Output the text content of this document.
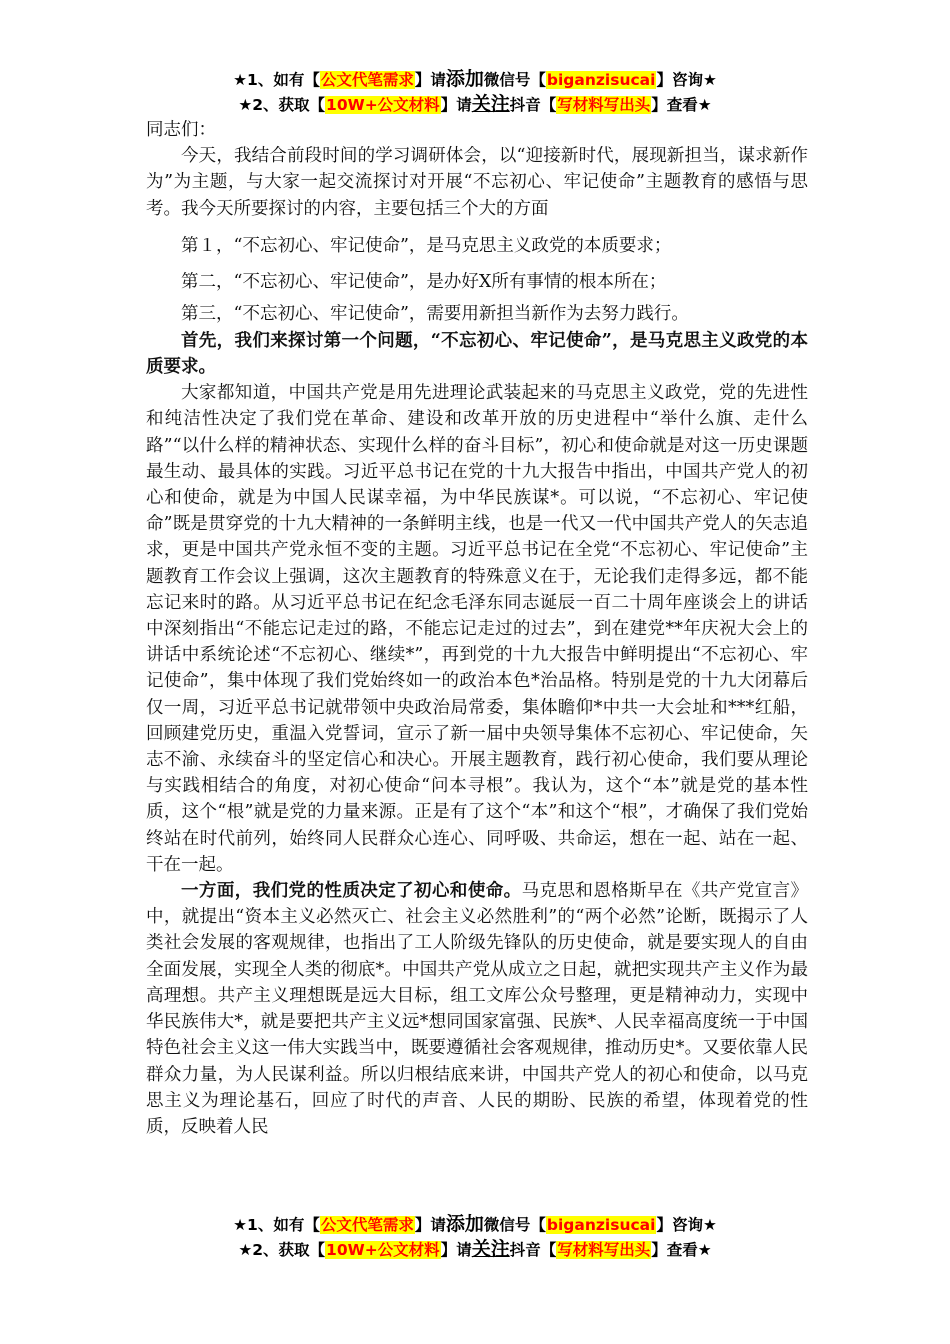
★1、如有【公文代笔需求】请添加微信号【biganzisucai】咨询★
★2、获取【10W+公文材料】请关注抖音【写材料写出头】查看★

同志们：

今天，我结合前段时间的学习调研体会，以“迎接新时代，展现新担当，谋求新作为”为主题，与大家一起交流探讨对开展“不忘初心、牢记使命”主题教育的感悟与思考。我今天所要探讨的内容，主要包括三个大的方面

第１，“不忘初心、牢记使命”，是马克思主义政党的本质要求；

第二，“不忘初心、牢记使命”，是办好X所有事情的根本所在；

第三，“不忘初心、牢记使命”，需要用新担当新作为去努力践行。

首先，我们来探讨第一个问题，“不忘初心、牢记使命”，是马克思主义政党的本质要求。

大家都知道，中国共产党是用先进理论武装起来的马克思主义政党，党的先进性和纯洁性决定了我们党在革命、建设和改革开放的历史进程中“举什么旗、走什么路”“以什么样的精神状态、实现什么样的奋斗目标”，初心和使命就是对这一历史课题最生动、最具体的实践。习近平总书记在党的十九大报告中指出，中国共产党人的初心和使命，就是为中国人民谋幸福，为中华民族谋*。可以说，“不忘初心、牢记使命”既是贯穿党的十九大精神的一条鲜明主线，也是一代又一代中国共产党人的矢志追求，更是中国共产党永恒不变的主题。习近平总书记在全党“不忘初心、牢记使命”主题教育工作会议上强调，这次主题教育的特殊意义在于，无论我们走得多远，都不能忘记来时的路。从习近平总书记在纪念毛泽东同志诞辰一百二十周年座谈会上的讲话中深刻指出“不能忘记走过的路，不能忘记走过的过去”，到在建党**年庆祝大会上的讲话中系统论述“不忘初心、继续*”，再到党的十九大报告中鲜明提出“不忘初心、牢记使命”，集中体现了我们党始终如一的政治本色*治品格。特别是党的十九大闭幕后仅一周，习近平总书记就带领中央政治局常委，集体瞻仰*中共一大会址和***红船，回顾建党历史，重温入党誓词，宣示了新一届中央领导集体不忘初心、牢记使命，矢志不渝、永续奋斗的坚定信心和决心。开展主题教育，践行初心使命，我们要从理论与实践相结合的角度，对初心使命“问本寻根”。我认为，这个“本”就是党的基本性质，这个“根”就是党的力量来源。正是有了这个“本”和这个“根”，才确保了我们党始终站在时代前列，始终同人民群众心连心、同呼吸、共命运，想在一起、站在一起、干在一起。

一方面，我们党的性质决定了初心和使命。马克思和恩格斯早在《共产党宣言》中，就提出“资本主义必然灭亡、社会主义必然胜利”的“两个必然”论断，既揭示了人类社会发展的客观规律，也指出了工人阶级先锋队的历史使命，就是要实现人的自由全面发展，实现全人类的彻底*。中国共产党从成立之日起，就把实现共产主义作为最高理想。共产主义理想既是远大目标，组工文库公众号整理，更是精神动力，实现中华民族伟大*，就是要把共产主义远*想同国家富强、民族*、人民幸福高度统一于中国特色社会主义这一伟大实践当中，既要遵循社会客观规律，推动历史*。又要依靠人民群众力量，为人民谋利益。所以归根结底来讲，中国共产党人的初心和使命，以马克思主义为理论基石，回应了时代的声音、人民的期盼、民族的希望，体现着党的性质，反映着人民

★1、如有【公文代笔需求】请添加微信号【biganzisucai】咨询★
★2、获取【10W+公文材料】请关注抖音【写材料写出头】查看★
